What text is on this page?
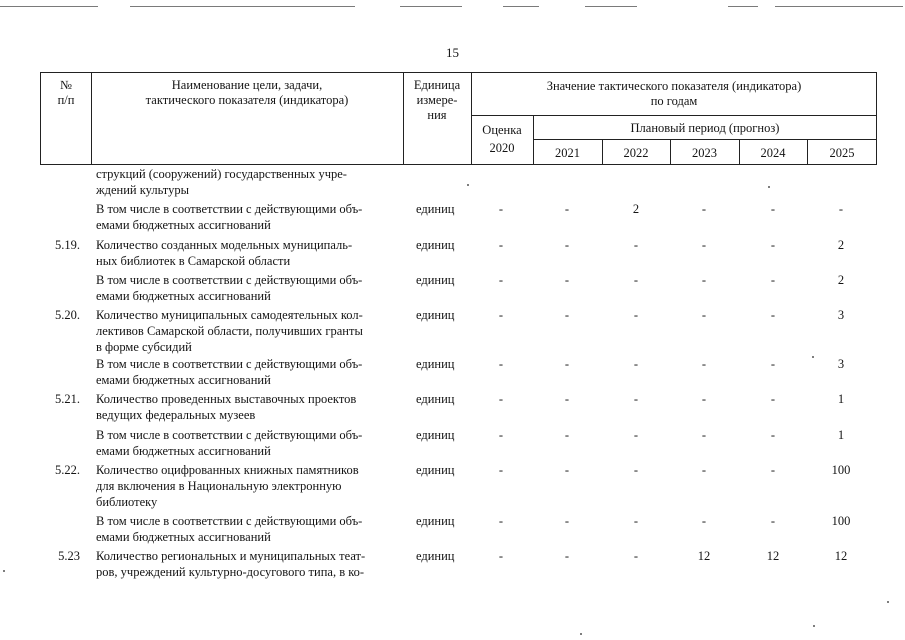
15
№
п/п
Наименование цели, задачи,
тактического показателя (индикатора)
Единица
измере-
ния
Значение тактического показателя (индикатора)
по годам
Оценка
2020
Плановый период (прогноз)
2021	2022	2023	2024	2025
струкций (сооружений) государственных учре-
ждений культуры
В том числе в соответствии с действующими объ-
емами бюджетных ассигнований
единиц	-	-	2	-	-	-
5.19. Количество созданных модельных муниципаль-
ных библиотек в Самарской области
единиц	-	-	-	-	-	2
В том числе в соответствии с действующими объ-
емами бюджетных ассигнований
единиц	-	-	-	-	-	2
5.20. Количество муниципальных самодеятельных кол-
лективов Самарской области, получивших гранты
в форме субсидий
единиц	-	-	-	-	-	3
В том числе в соответствии с действующими объ-
емами бюджетных ассигнований
единиц	-	-	-	-	-	3
5.21. Количество проведенных выставочных проектов
ведущих федеральных музеев
единиц	-	-	-	-	-	1
В том числе в соответствии с действующими объ-
емами бюджетных ассигнований
единиц	-	-	-	-	-	1
5.22. Количество оцифрованных книжных памятников
для включения в Национальную электронную
библиотеку
единиц	-	-	-	-	-	100
В том числе в соответствии с действующими объ-
емами бюджетных ассигнований
единиц	-	-	-	-	-	100
5.23 Количество региональных и муниципальных теат-
ров, учреждений культурно-досугового типа, в ко-
единиц	-	-	-	12	12	12
